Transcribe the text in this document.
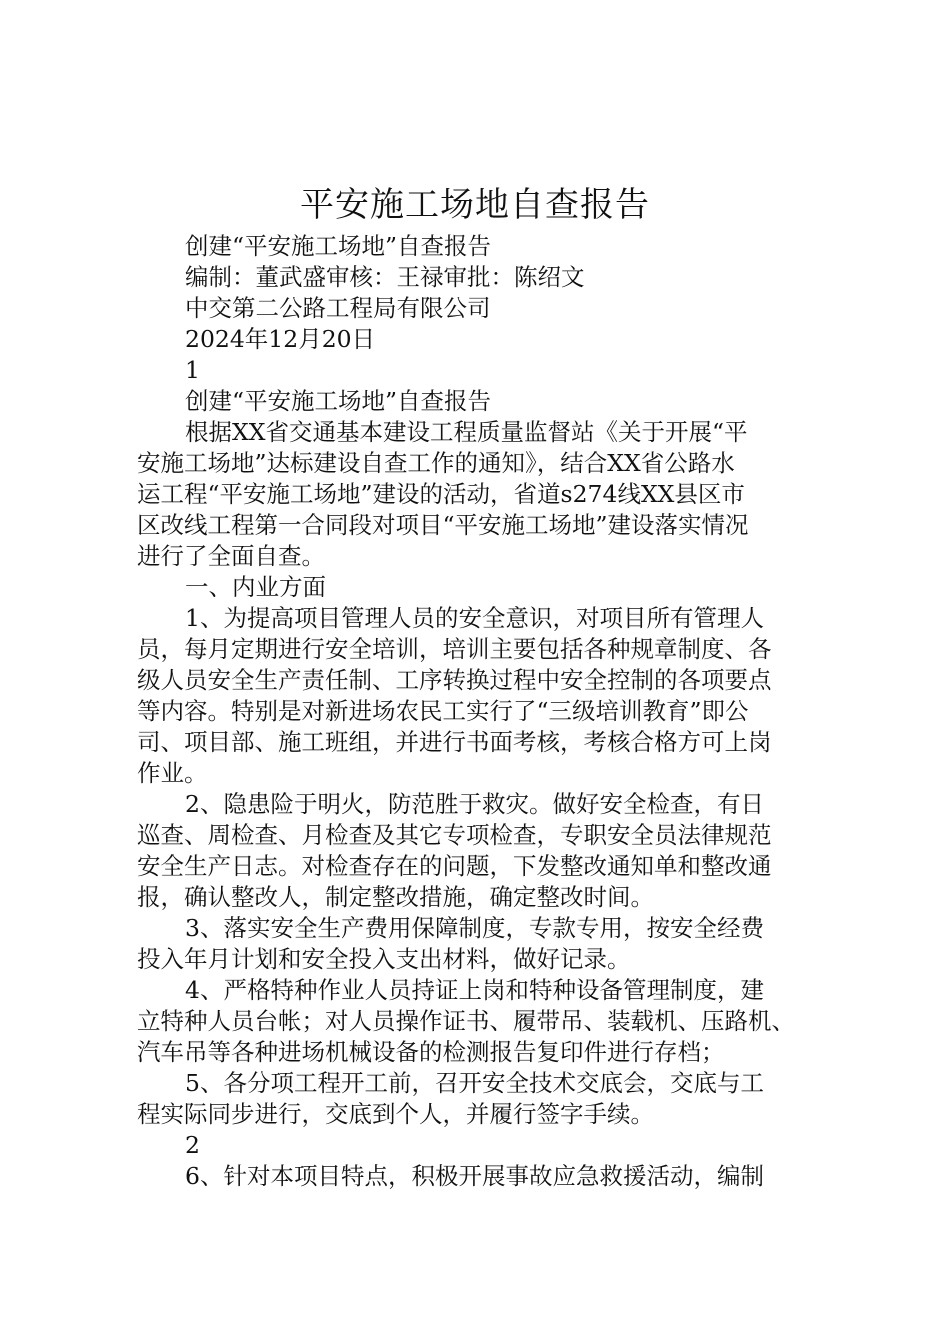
平安施工场地自查报告
创建“平安施工场地”自查报告
编制：董武盛审核：王禄审批：陈绍文
中交第二公路工程局有限公司
2024年12月20日
1
创建“平安施工场地”自查报告
根据XX省交通基本建设工程质量监督站《关于开展“平
安施工场地”达标建设自查工作的通知》，结合XX省公路水
运工程“平安施工场地”建设的活动，省道s274线XX县区市
区改线工程第一合同段对项目“平安施工场地”建设落实情况
进行了全面自查。
一、内业方面
1、为提高项目管理人员的安全意识，对项目所有管理人
员，每月定期进行安全培训，培训主要包括各种规章制度、各
级人员安全生产责任制、工序转换过程中安全控制的各项要点
等内容。特别是对新进场农民工实行了“三级培训教育”即公
司、项目部、施工班组，并进行书面考核，考核合格方可上岗
作业。
2、隐患险于明火，防范胜于救灾。做好安全检查，有日
巡查、周检查、月检查及其它专项检查，专职安全员法律规范
安全生产日志。对检查存在的问题，下发整改通知单和整改通
报，确认整改人，制定整改措施，确定整改时间。
3、落实安全生产费用保障制度，专款专用，按安全经费
投入年月计划和安全投入支出材料，做好记录。
4、严格特种作业人员持证上岗和特种设备管理制度，建
立特种人员台帐；对人员操作证书、履带吊、装载机、压路机、
汽车吊等各种进场机械设备的检测报告复印件进行存档；
5、各分项工程开工前，召开安全技术交底会，交底与工
程实际同步进行，交底到个人，并履行签字手续。
2
6、针对本项目特点，积极开展事故应急救援活动，编制
